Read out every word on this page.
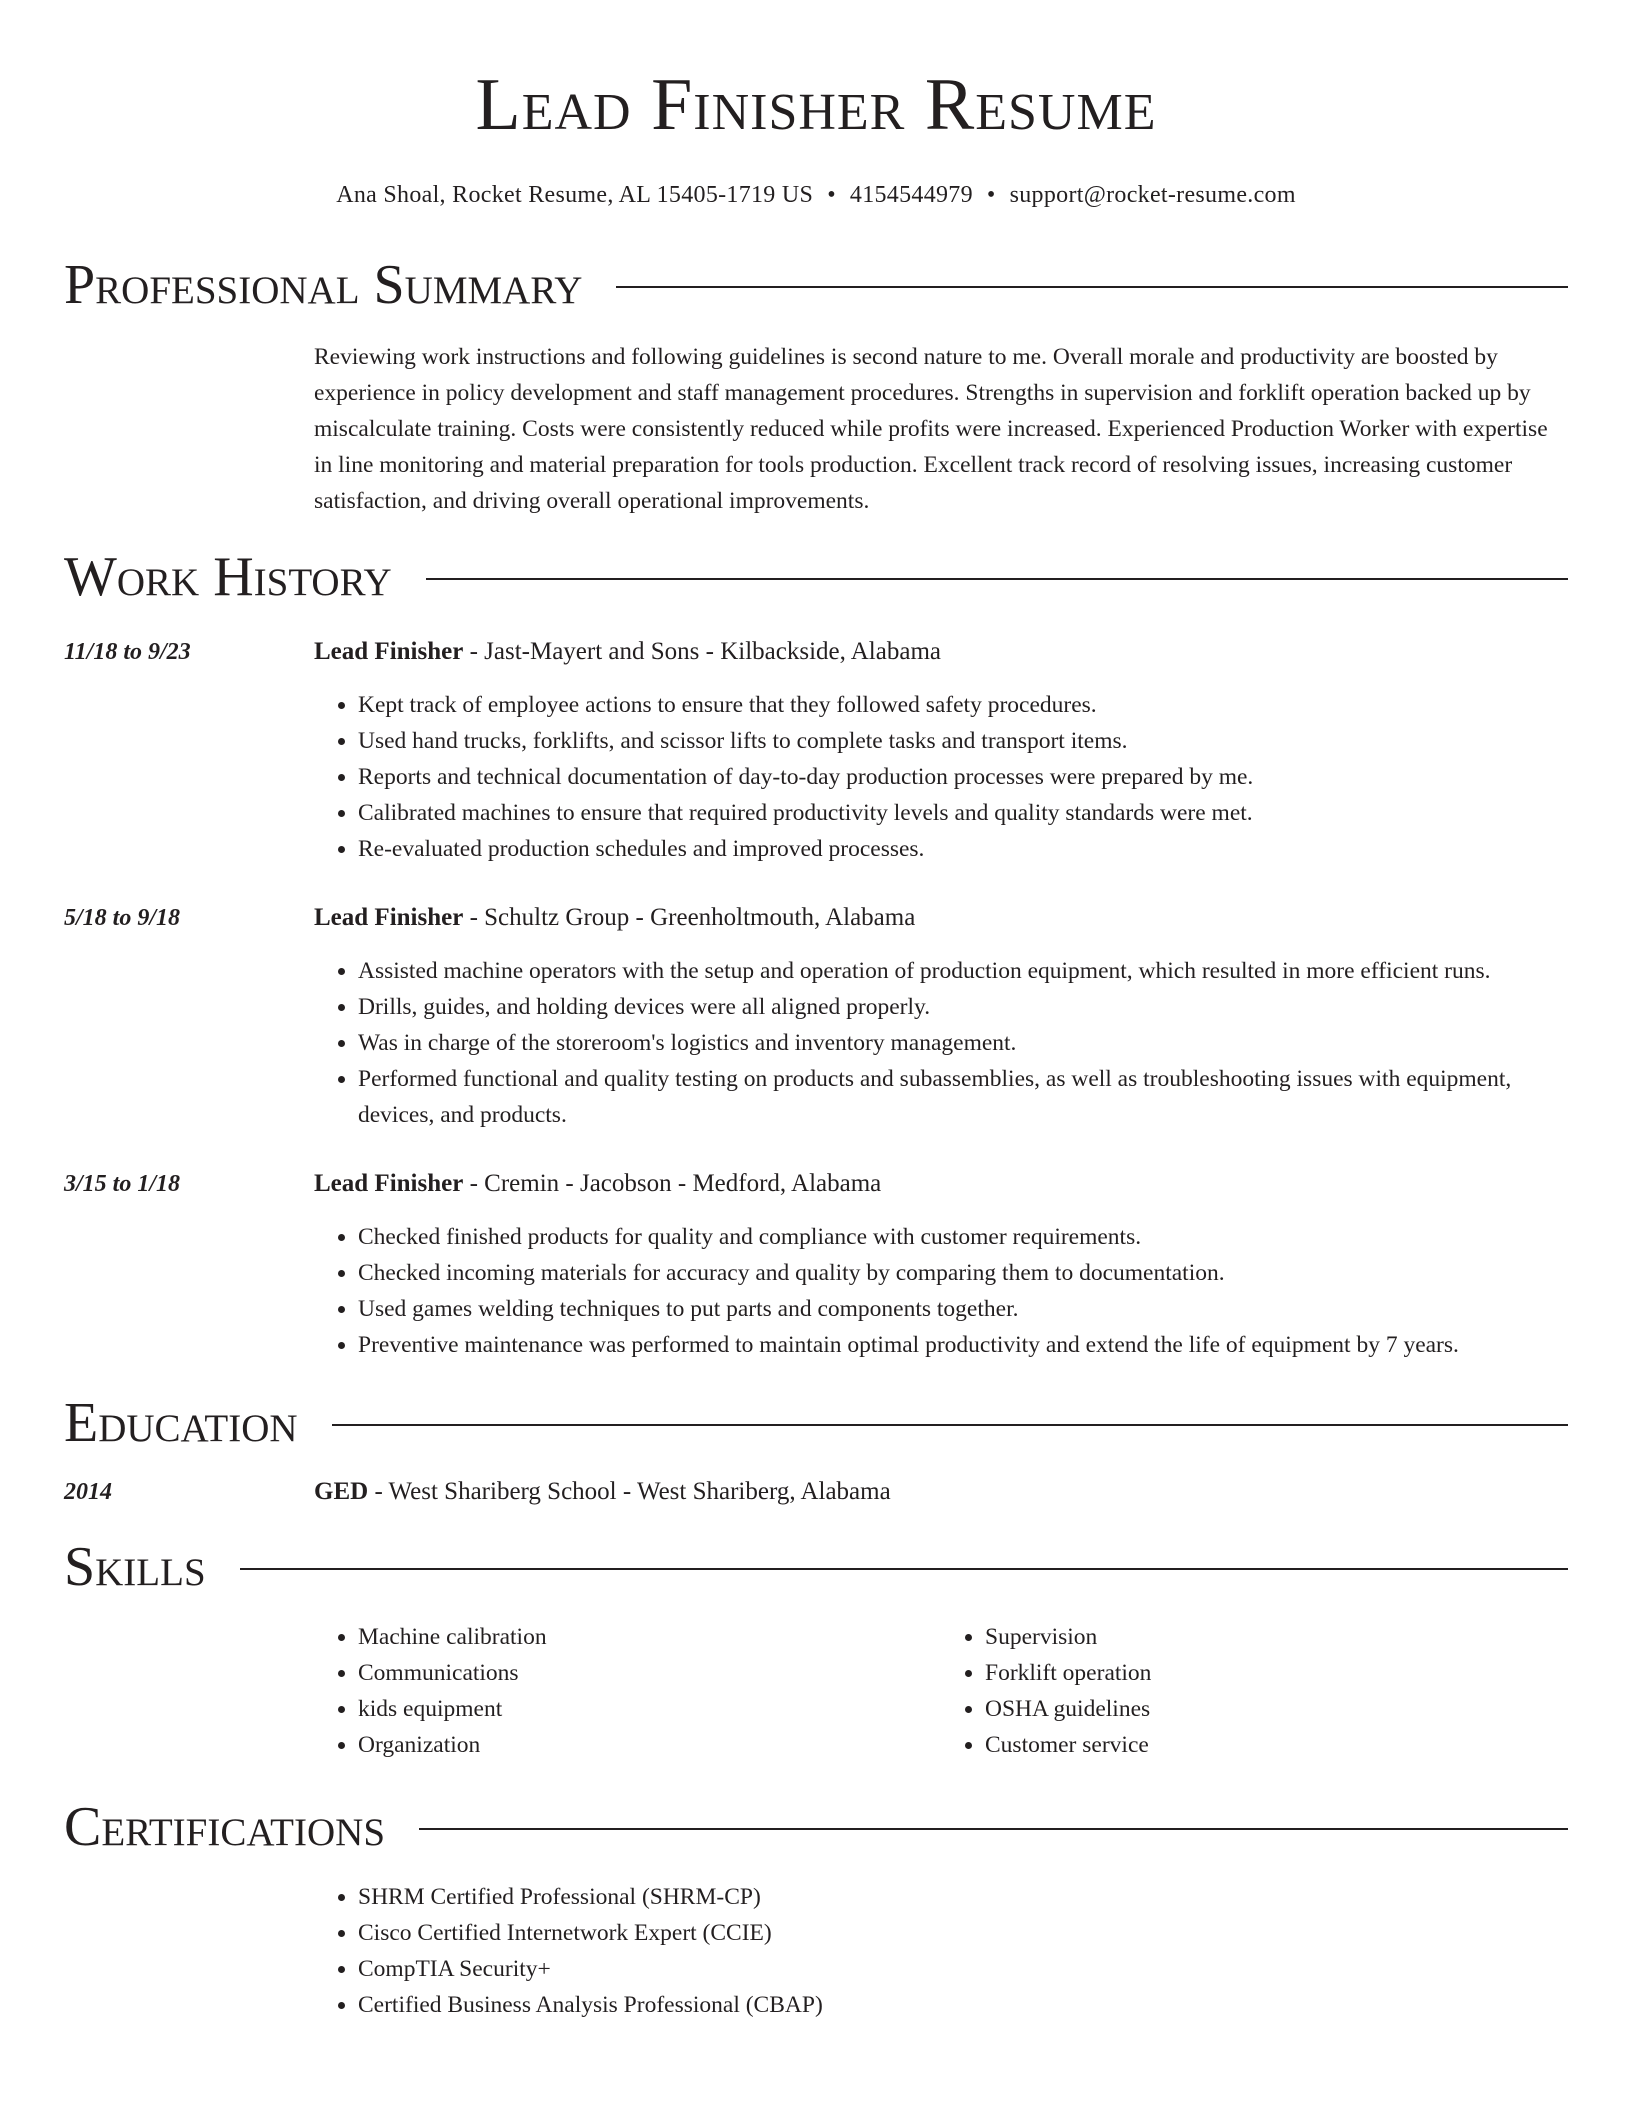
Lead Finisher Resume
Ana Shoal, Rocket Resume, AL 15405-1719 US • 4154544979 • support@rocket-resume.com
Professional Summary
Reviewing work instructions and following guidelines is second nature to me. Overall morale and productivity are boosted by experience in policy development and staff management procedures. Strengths in supervision and forklift operation backed up by miscalculate training. Costs were consistently reduced while profits were increased. Experienced Production Worker with expertise in line monitoring and material preparation for tools production. Excellent track record of resolving issues, increasing customer satisfaction, and driving overall operational improvements.
Work History
11/18 to 9/23	Lead Finisher - Jast-Mayert and Sons - Kilbackside, Alabama
• Kept track of employee actions to ensure that they followed safety procedures.
• Used hand trucks, forklifts, and scissor lifts to complete tasks and transport items.
• Reports and technical documentation of day-to-day production processes were prepared by me.
• Calibrated machines to ensure that required productivity levels and quality standards were met.
• Re-evaluated production schedules and improved processes.
5/18 to 9/18	Lead Finisher - Schultz Group - Greenholtmouth, Alabama
• Assisted machine operators with the setup and operation of production equipment, which resulted in more efficient runs.
• Drills, guides, and holding devices were all aligned properly.
• Was in charge of the storeroom's logistics and inventory management.
• Performed functional and quality testing on products and subassemblies, as well as troubleshooting issues with equipment, devices, and products.
3/15 to 1/18	Lead Finisher - Cremin - Jacobson - Medford, Alabama
• Checked finished products for quality and compliance with customer requirements.
• Checked incoming materials for accuracy and quality by comparing them to documentation.
• Used games welding techniques to put parts and components together.
• Preventive maintenance was performed to maintain optimal productivity and extend the life of equipment by 7 years.
Education
2014	GED - West Shariberg School - West Shariberg, Alabama
Skills
• Machine calibration
• Communications
• kids equipment
• Organization
• Supervision
• Forklift operation
• OSHA guidelines
• Customer service
Certifications
• SHRM Certified Professional (SHRM-CP)
• Cisco Certified Internetwork Expert (CCIE)
• CompTIA Security+
• Certified Business Analysis Professional (CBAP)
